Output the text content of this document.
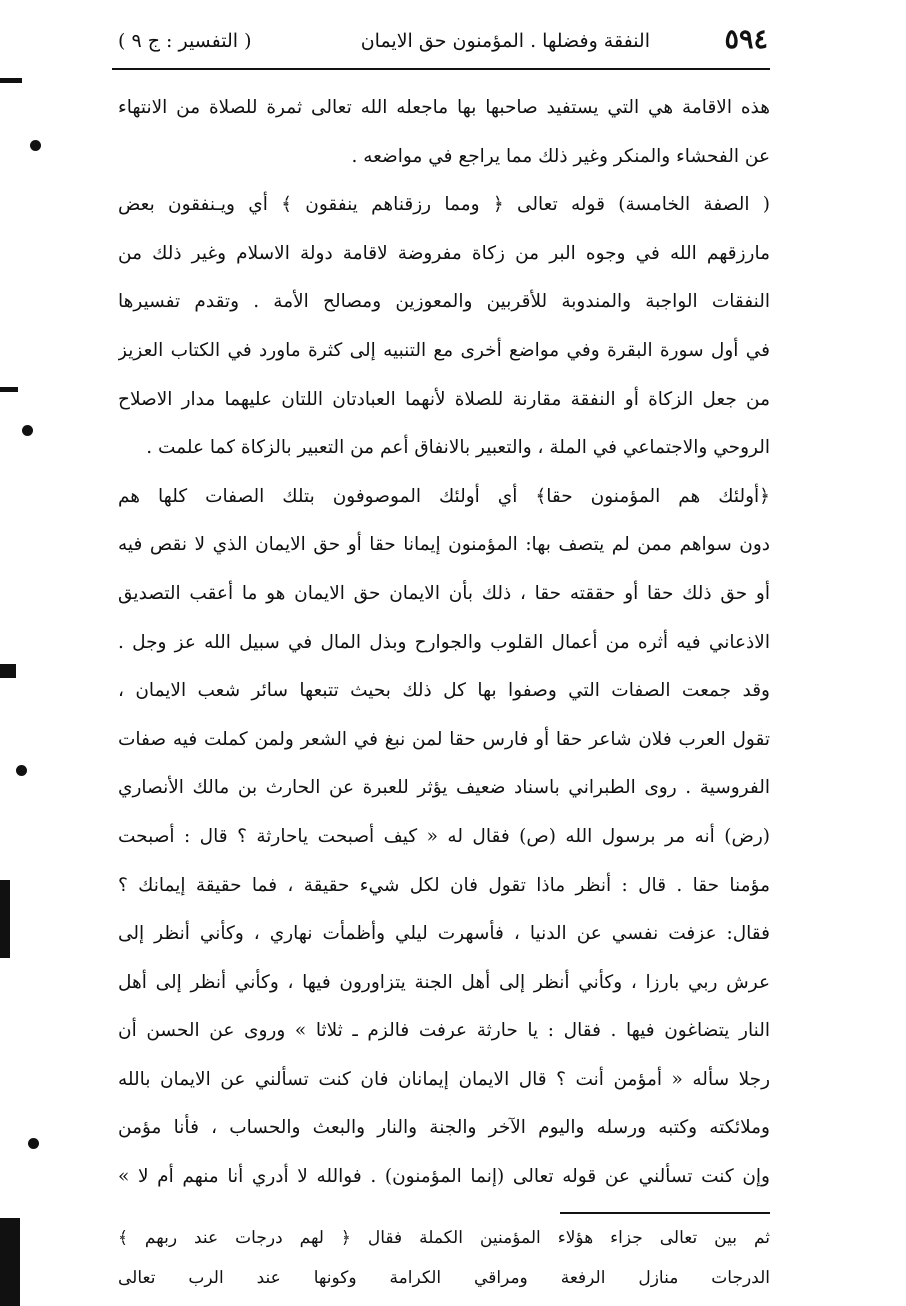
٥٩٤
النفقة وفضلها . المؤمنون حق الايمان
( التفسير : ج ٩ )
هذه الاقامة هي التي يستفيد صاحبها بها ماجعله الله تعالى ثمرة للصلاة من الانتهاء
عن الفحشاء والمنكر وغير ذلك مما يراجع في مواضعه .
( الصفة الخامسة) قوله تعالى ﴿ ومما رزقناهم ينفقون ﴾ أي ويـنفقون بعض
مارزقهم الله في وجوه البر من زكاة مفروضة لاقامة دولة الاسلام وغير ذلك من
النفقات الواجبة والمندوبة للأقربين والمعوزين ومصالح الأمة . وتقدم تفسيرها
في أول سورة البقرة وفي مواضع أخرى مع التنبيه إلى كثرة ماورد في الكتاب العزيز
من جعل الزكاة أو النفقة مقارنة للصلاة لأنهما العبادتان اللتان عليهما مدار الاصلاح
الروحي والاجتماعي في الملة ، والتعبير بالانفاق أعم من التعبير بالزكاة كما علمت .
﴿أولئك هم المؤمنون حقا﴾ أي أولئك الموصوفون بتلك الصفات كلها هم
دون سواهم ممن لم يتصف بها: المؤمنون إيمانا حقا أو حق الايمان الذي لا نقص فيه
أو حق ذلك حقا أو حققته حقا ، ذلك بأن الايمان حق الايمان هو ما أعقب التصديق
الاذعاني فيه أثره من أعمال القلوب والجوارح وبذل المال في سبيل الله عز وجل .
وقد جمعت الصفات التي وصفوا بها كل ذلك بحيث تتبعها سائر شعب الايمان ،
تقول العرب فلان شاعر حقا أو فارس حقا لمن نبغ في الشعر ولمن كملت فيه صفات
الفروسية . روى الطبراني باسناد ضعيف يؤثر للعبرة عن الحارث بن مالك الأنصاري
(رض) أنه مر برسول الله (ص) فقال له « كيف أصبحت ياحارثة ؟ قال : أصبحت
مؤمنا حقا . قال : أنظر ماذا تقول فان لكل شيء حقيقة ، فما حقيقة إيمانك ؟
فقال: عزفت نفسي عن الدنيا ، فأسهرت ليلي وأظمأت نهاري ، وكأني أنظر إلى
عرش ربي بارزا ، وكأني أنظر إلى أهل الجنة يتزاورون فيها ، وكأني أنظر إلى أهل
النار يتضاغون فيها . فقال : يا حارثة عرفت فالزم ـ ثلاثا » وروى عن الحسن أن
رجلا سأله « أمؤمن أنت ؟ قال الايمان إيمانان فان كنت تسألني عن الايمان بالله
وملائكته وكتبه ورسله واليوم الآخر والجنة والنار والبعث والحساب ، فأنا مؤمن
وإن كنت تسألني عن قوله تعالى (إنما المؤمنون) . فوالله لا أدري أنا منهم أم لا »
ثم بين تعالى جزاء هؤلاء المؤمنين الكملة فقال ﴿ لهم درجات عند ربهم ﴾
الدرجات منازل الرفعة ومراقي الكرامة وكونها عند الرب تعالى
